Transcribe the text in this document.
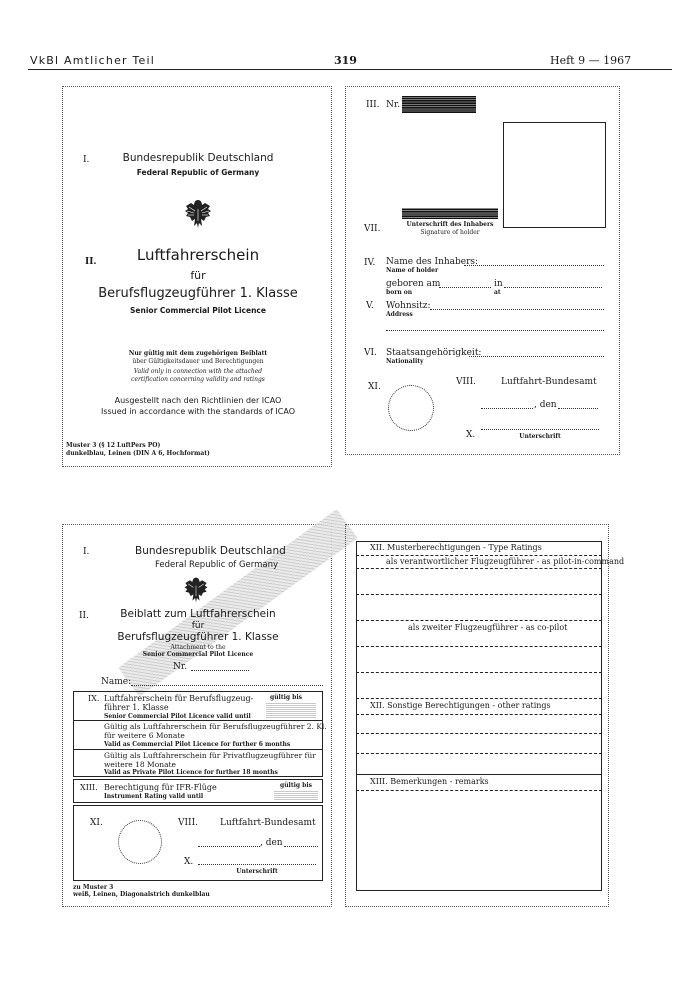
VkBl Amtlicher Teil	319	Heft 9 — 1967
I.	Bundesrepublik Deutschland
Federal Republic of Germany
II.	Luftfahrerschein
für
Berufsflugzeugführer 1. Klasse
Senior Commercial Pilot Licence
Nur gültig mit dem zugehörigen Beiblatt
über Gültigkeitsdauer und Berechtigungen
Valid only in connection with the attached
certification concerning validity and ratings
Ausgestellt nach den Richtlinien der ICAO
Issued in accordance with the standards of ICAO
Muster 3 (§ 12 LuftPers PO)
dunkelblau, Leinen (DIN A 6, Hochformat)
III. Nr.
VII.	Unterschrift des Inhabers
Signature of holder
IV. Name des Inhabers:
Name of holder
geboren am	in
born on	at
V. Wohnsitz:
Address
VI. Staatsangehörigkeit:
Nationality
XI.	VIII.	Luftfahrt-Bundesamt
, den
X.	Unterschrift
I.	Bundesrepublik Deutschland
Federal Republic of Germany
II.	Beiblatt zum Luftfahrerschein
für
Berufsflugzeugführer 1. Klasse
Attachment to the
Senior Commercial Pilot Licence
Nr.
Name:
IX. Luftfahrerschein für Berufsflugzeug-
führer 1. Klasse
Senior Commercial Pilot Licence valid until
gültig bis
Gültig als Luftfahrerschein für Berufsflugzeugführer 2. Kl.
für weitere 6 Monate
Valid as Commercial Pilot Licence for further 6 months
Gültig als Luftfahrerschein für Privatflugzeugführer für
weitere 18 Monate
Valid as Private Pilot Licence for further 18 months
XIII. Berechtigung für IFR-Flüge
Instrument Rating valid until
gültig bis
XI.	VIII. Luftfahrt-Bundesamt
, den
X.
Unterschrift
zu Muster 3
weiß, Leinen, Diagonalstrich dunkelblau
XII. Musterberechtigungen - Type Ratings
als verantwortlicher Flugzeugführer - as pilot-in-command
als zweiter Flugzeugführer - as co-pilot
XII. Sonstige Berechtigungen - other ratings
XIII. Bemerkungen - remarks
